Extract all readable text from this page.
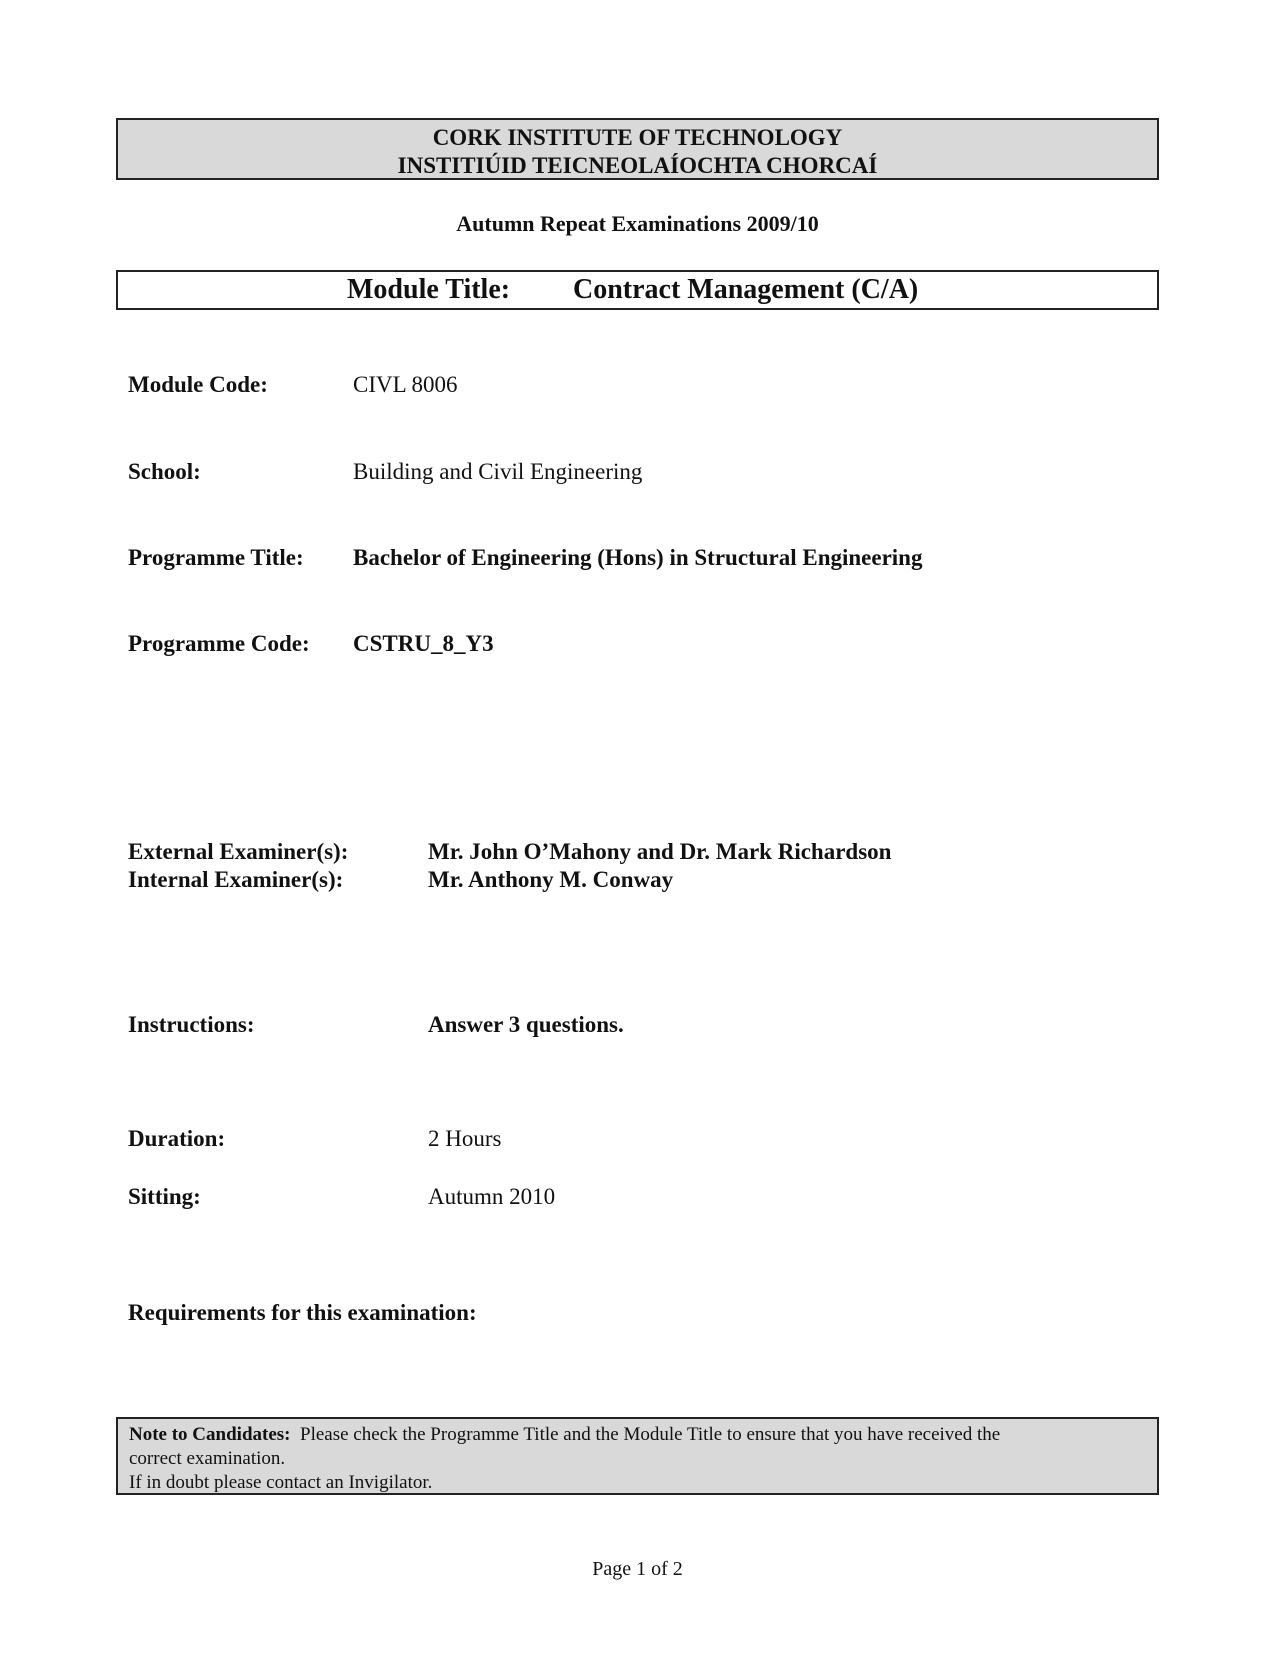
CORK INSTITUTE OF TECHNOLOGY
INSTITIÚID TEICNEOLAÍOCHTA CHORCAÍ
Autumn Repeat Examinations 2009/10
Module Title: Contract Management (C/A)
Module Code:	CIVL 8006
School:	Building and Civil Engineering
Programme Title: Bachelor of Engineering (Hons) in Structural Engineering
Programme Code: CSTRU_8_Y3
External Examiner(s):	Mr. John O’Mahony and Dr. Mark Richardson
Internal Examiner(s):	Mr. Anthony M. Conway
Instructions:	Answer 3 questions.
Duration:	2 Hours
Sitting:	Autumn 2010
Requirements for this examination:
Note to Candidates: Please check the Programme Title and the Module Title to ensure that you have received the
correct examination.
If in doubt please contact an Invigilator.
Page 1 of 2
